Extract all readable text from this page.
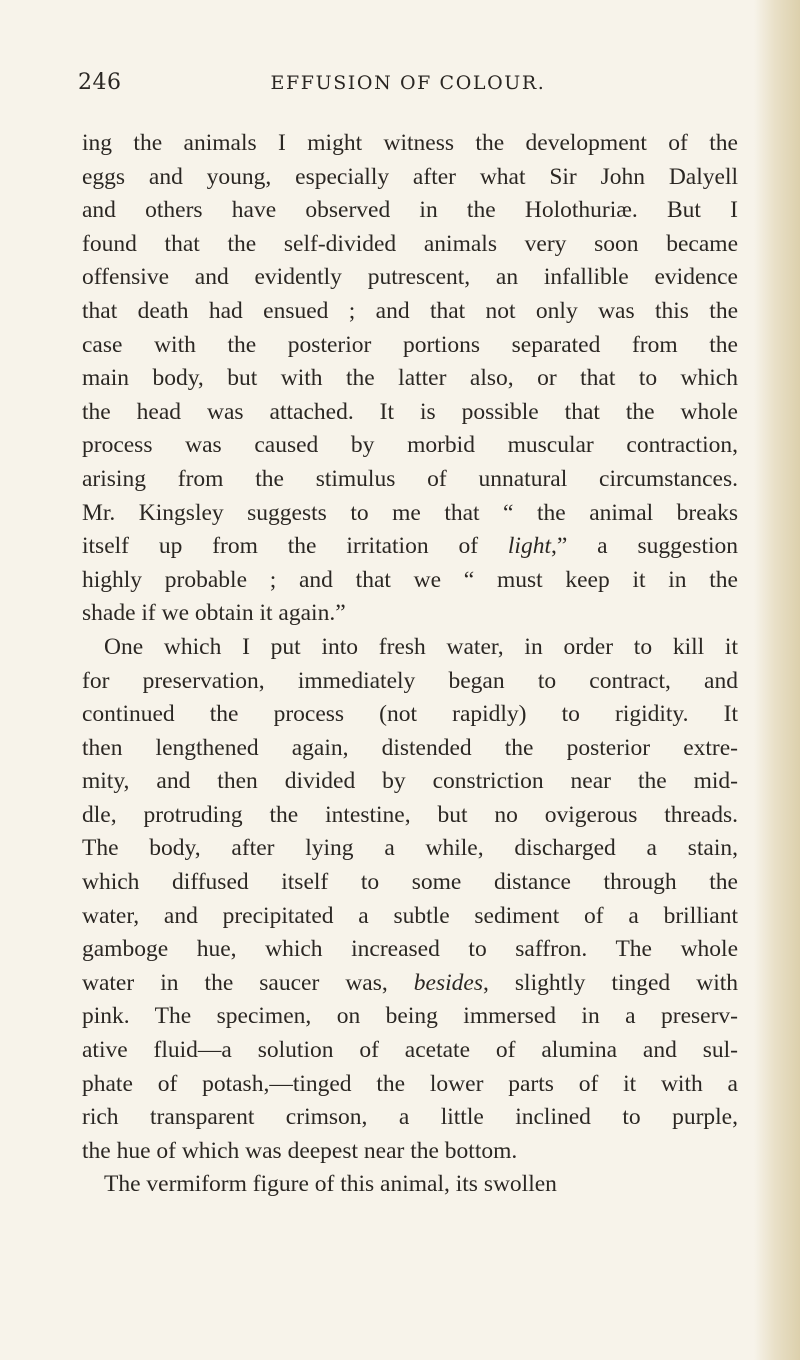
246	EFFUSION OF COLOUR.
ing the animals I might witness the development of the
eggs and young, especially after what Sir John Dalyell
and others have observed in the Holothuriæ. But I
found that the self-divided animals very soon became
offensive and evidently putrescent, an infallible evidence
that death had ensued ; and that not only was this the
case with the posterior portions separated from the
main body, but with the latter also, or that to which
the head was attached. It is possible that the whole
process was caused by morbid muscular contraction,
arising from the stimulus of unnatural circumstances.
Mr. Kingsley suggests to me that “ the animal breaks
itself up from the irritation of light,” a suggestion
highly probable ; and that we “ must keep it in the
shade if we obtain it again.”
One which I put into fresh water, in order to kill it
for preservation, immediately began to contract, and
continued the process (not rapidly) to rigidity. It
then lengthened again, distended the posterior extre-
mity, and then divided by constriction near the mid-
dle, protruding the intestine, but no ovigerous threads.
The body, after lying a while, discharged a stain,
which diffused itself to some distance through the
water, and precipitated a subtle sediment of a brilliant
gamboge hue, which increased to saffron. The whole
water in the saucer was, besides, slightly tinged with
pink. The specimen, on being immersed in a preserv-
ative fluid—a solution of acetate of alumina and sul-
phate of potash,—tinged the lower parts of it with a
rich transparent crimson, a little inclined to purple,
the hue of which was deepest near the bottom.
The vermiform figure of this animal, its swollen
